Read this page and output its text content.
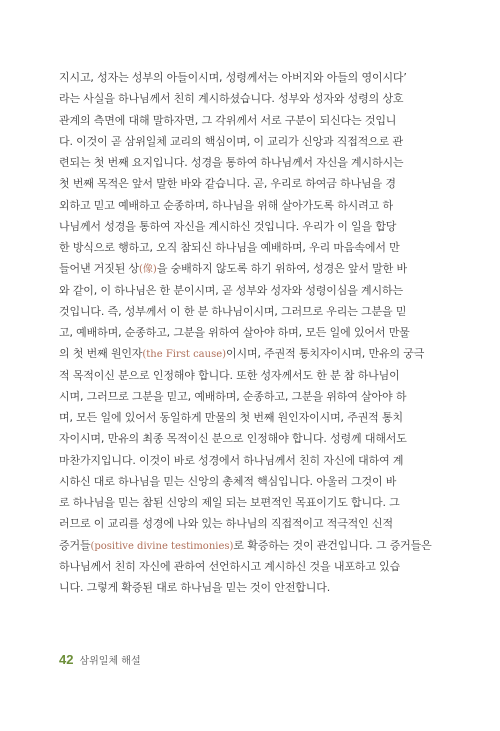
지시고, 성자는 성부의 아들이시며, 성령께서는 아버지와 아들의 영이시다’
라는 사실을 하나님께서 친히 계시하셨습니다. 성부와 성자와 성령의 상호
관계의 측면에 대해 말하자면, 그 각위께서 서로 구분이 되신다는 것입니
다. 이것이 곧 삼위일체 교리의 핵심이며, 이 교리가 신앙과 직접적으로 관
련되는 첫 번째 요지입니다. 성경을 통하여 하나님께서 자신을 계시하시는
첫 번째 목적은 앞서 말한 바와 같습니다. 곧, 우리로 하여금 하나님을 경
외하고 믿고 예배하고 순종하며, 하나님을 위해 살아가도록 하시려고 하
나님께서 성경을 통하여 자신을 계시하신 것입니다. 우리가 이 일을 합당
한 방식으로 행하고, 오직 참되신 하나님을 예배하며, 우리 마음속에서 만
들어낸 거짓된 상(像)을 숭배하지 않도록 하기 위하여, 성경은 앞서 말한 바
와 같이, 이 하나님은 한 분이시며, 곧 성부와 성자와 성령이심을 계시하는
것입니다. 즉, 성부께서 이 한 분 하나님이시며, 그러므로 우리는 그분을 믿
고, 예배하며, 순종하고, 그분을 위하여 살아야 하며, 모든 일에 있어서 만물
의 첫 번째 원인자(the First cause)이시며, 주권적 통치자이시며, 만유의 궁극
적 목적이신 분으로 인정해야 합니다. 또한 성자께서도 한 분 참 하나님이
시며, 그러므로 그분을 믿고, 예배하며, 순종하고, 그분을 위하여 살아야 하
며, 모든 일에 있어서 동일하게 만물의 첫 번째 원인자이시며, 주권적 통치
자이시며, 만유의 최종 목적이신 분으로 인정해야 합니다. 성령께 대해서도
마찬가지입니다. 이것이 바로 성경에서 하나님께서 친히 자신에 대하여 계
시하신 대로 하나님을 믿는 신앙의 총체적 핵심입니다. 아울러 그것이 바
로 하나님을 믿는 참된 신앙의 제일 되는 보편적인 목표이기도 합니다. 그
러므로 이 교리를 성경에 나와 있는 하나님의 직접적이고 적극적인 신적
증거들(positive divine testimonies)로 확증하는 것이 관건입니다. 그 증거들은
하나님께서 친히 자신에 관하여 선언하시고 계시하신 것을 내포하고 있습
니다. 그렇게 확증된 대로 하나님을 믿는 것이 안전합니다.
42 삼위일체 해설
